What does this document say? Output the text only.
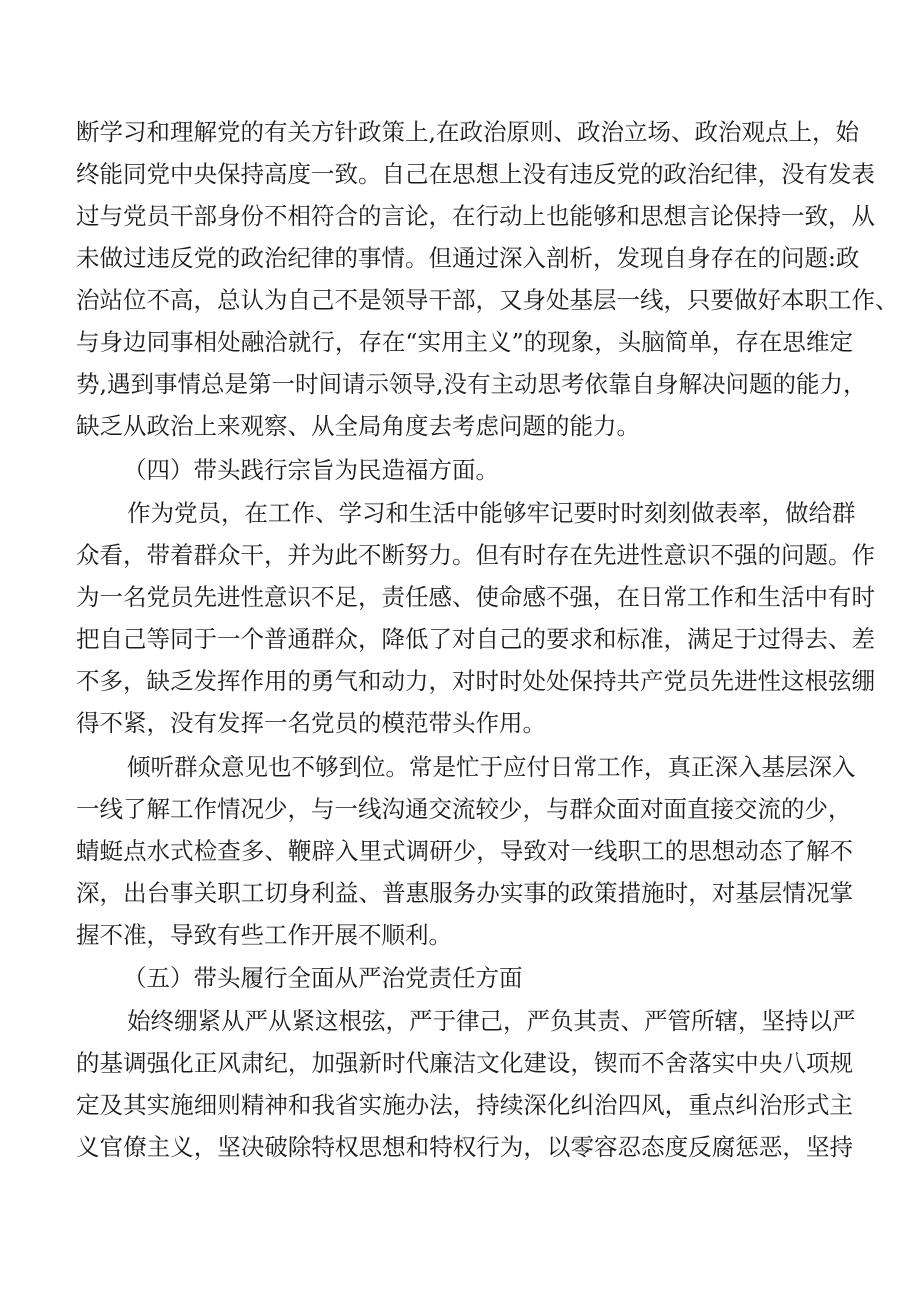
断学习和理解党的有关方针政策上,在政治原则、政治立场、政治观点上，始
终能同党中央保持高度一致。自己在思想上没有违反党的政治纪律，没有发表
过与党员干部身份不相符合的言论，在行动上也能够和思想言论保持一致，从
未做过违反党的政治纪律的事情。但通过深入剖析，发现自身存在的问题:政
治站位不高，总认为自己不是领导干部，又身处基层一线，只要做好本职工作、
与身边同事相处融洽就行，存在“实用主义”的现象，头脑简单，存在思维定
势,遇到事情总是第一时间请示领导,没有主动思考依靠自身解决问题的能力，
缺乏从政治上来观察、从全局角度去考虑问题的能力。
（四）带头践行宗旨为民造福方面。
作为党员，在工作、学习和生活中能够牢记要时时刻刻做表率，做给群
众看，带着群众干，并为此不断努力。但有时存在先进性意识不强的问题。作
为一名党员先进性意识不足，责任感、使命感不强，在日常工作和生活中有时
把自己等同于一个普通群众，降低了对自己的要求和标准，满足于过得去、差
不多，缺乏发挥作用的勇气和动力，对时时处处保持共产党员先进性这根弦绷
得不紧，没有发挥一名党员的模范带头作用。
倾听群众意见也不够到位。常是忙于应付日常工作，真正深入基层深入
一线了解工作情况少，与一线沟通交流较少，与群众面对面直接交流的少，
蜻蜓点水式检查多、鞭辟入里式调研少，导致对一线职工的思想动态了解不
深，出台事关职工切身利益、普惠服务办实事的政策措施时，对基层情况掌
握不准，导致有些工作开展不顺利。
（五）带头履行全面从严治党责任方面
始终绷紧从严从紧这根弦，严于律己，严负其责、严管所辖，坚持以严
的基调强化正风肃纪，加强新时代廉洁文化建设，锲而不舍落实中央八项规
定及其实施细则精神和我省实施办法，持续深化纠治四风，重点纠治形式主
义官僚主义，坚决破除特权思想和特权行为，以零容忍态度反腐惩恶，坚持
